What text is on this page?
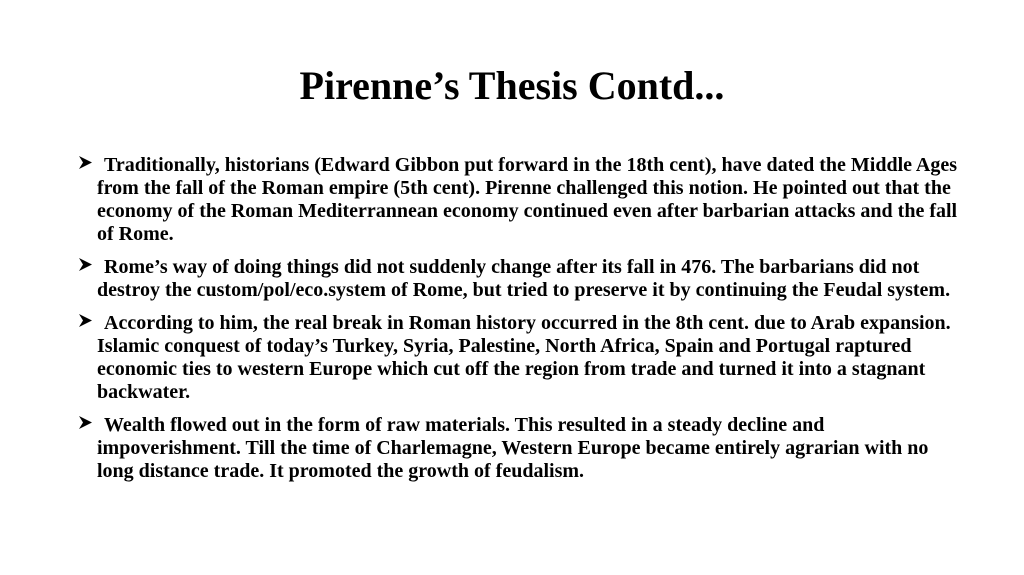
Pirenne’s Thesis Contd...
Traditionally, historians (Edward Gibbon put forward in the 18th cent), have dated the Middle Ages from the fall of the Roman empire (5th cent). Pirenne challenged this notion. He pointed out that the economy of the Roman Mediterrannean economy continued even after barbarian attacks and the fall of Rome.
Rome’s way of doing things did not suddenly change after its fall in 476. The barbarians did not destroy the custom/pol/eco.system of Rome, but tried to preserve it by continuing the Feudal system.
According to him, the real break in Roman history occurred in the 8th cent. due to Arab expansion. Islamic conquest of today’s Turkey, Syria, Palestine, North Africa, Spain and Portugal raptured economic ties to western Europe which cut off the region from trade and turned it into a stagnant backwater.
Wealth flowed out in the form of raw materials. This resulted in a steady decline and impoverishment. Till the time of Charlemagne, Western Europe became entirely agrarian with no long distance trade. It promoted the growth of feudalism.
